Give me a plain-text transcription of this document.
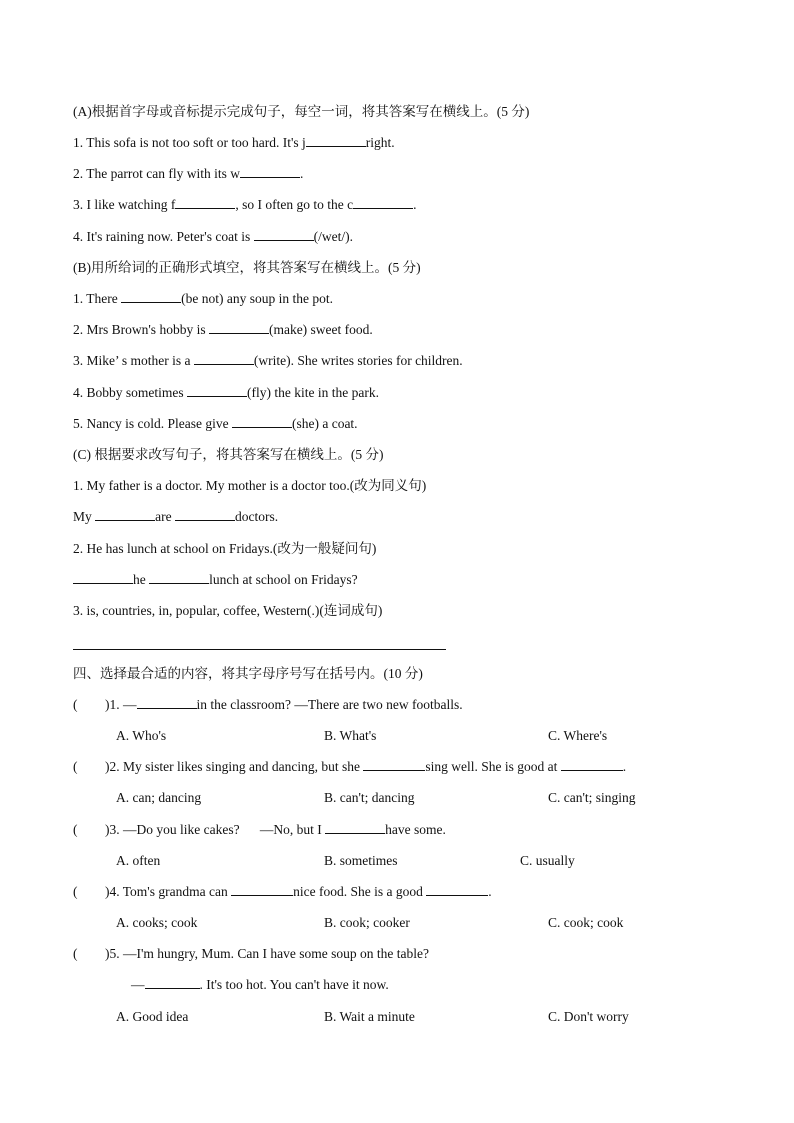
(A)根据首字母或音标提示完成句子，每空一词，将其答案写在横线上。(5 分)
1. This sofa is not too soft or too hard. It's j	right.
2. The parrot can fly with its w	.
3. I like watching f	, so I often go to the c	.
4. It's raining now. Peter's coat is	(/wet/).
(B)用所给词的正确形式填空，将其答案写在横线上。(5 分)
1. There	(be not) any soup in the pot.
2. Mrs Brown's hobby is	(make) sweet food.
3. Mike’ s mother is a	(write). She writes stories for children.
4. Bobby sometimes	(fly) the kite in the park.
5. Nancy is cold. Please give	(she) a coat.
(C) 根据要求改写句子，将其答案写在横线上。(5 分)
1. My father is a doctor. My mother is a doctor too.(改为同义句)
My	are	doctors.
2. He has lunch at school on Fridays.(改为一般疑问句)
he	lunch at school on Fridays?
3. is, countries, in, popular, coffee, Western(.)(连词成句)
四、选择最合适的内容，将其字母序号写在括号内。(10 分)
( )1. —	in the classroom? —There are two new footballs.
A. Who's	B. What's	C. Where's
( )2. My sister likes singing and dancing, but she	sing well. She is good at	.
A. can; dancing	B. can't; dancing	C. can't; singing
( )3. —Do you like cakes?      —No, but I	have some.
A. often	B. sometimes	C. usually
( )4. Tom's grandma can	nice food. She is a good	.
A. cooks; cook	B. cook; cooker	C. cook; cook
( )5. —I'm hungry, Mum. Can I have some soup on the table?
—	. It's too hot. You can't have it now.
A. Good idea	B. Wait a minute	C. Don't worry
